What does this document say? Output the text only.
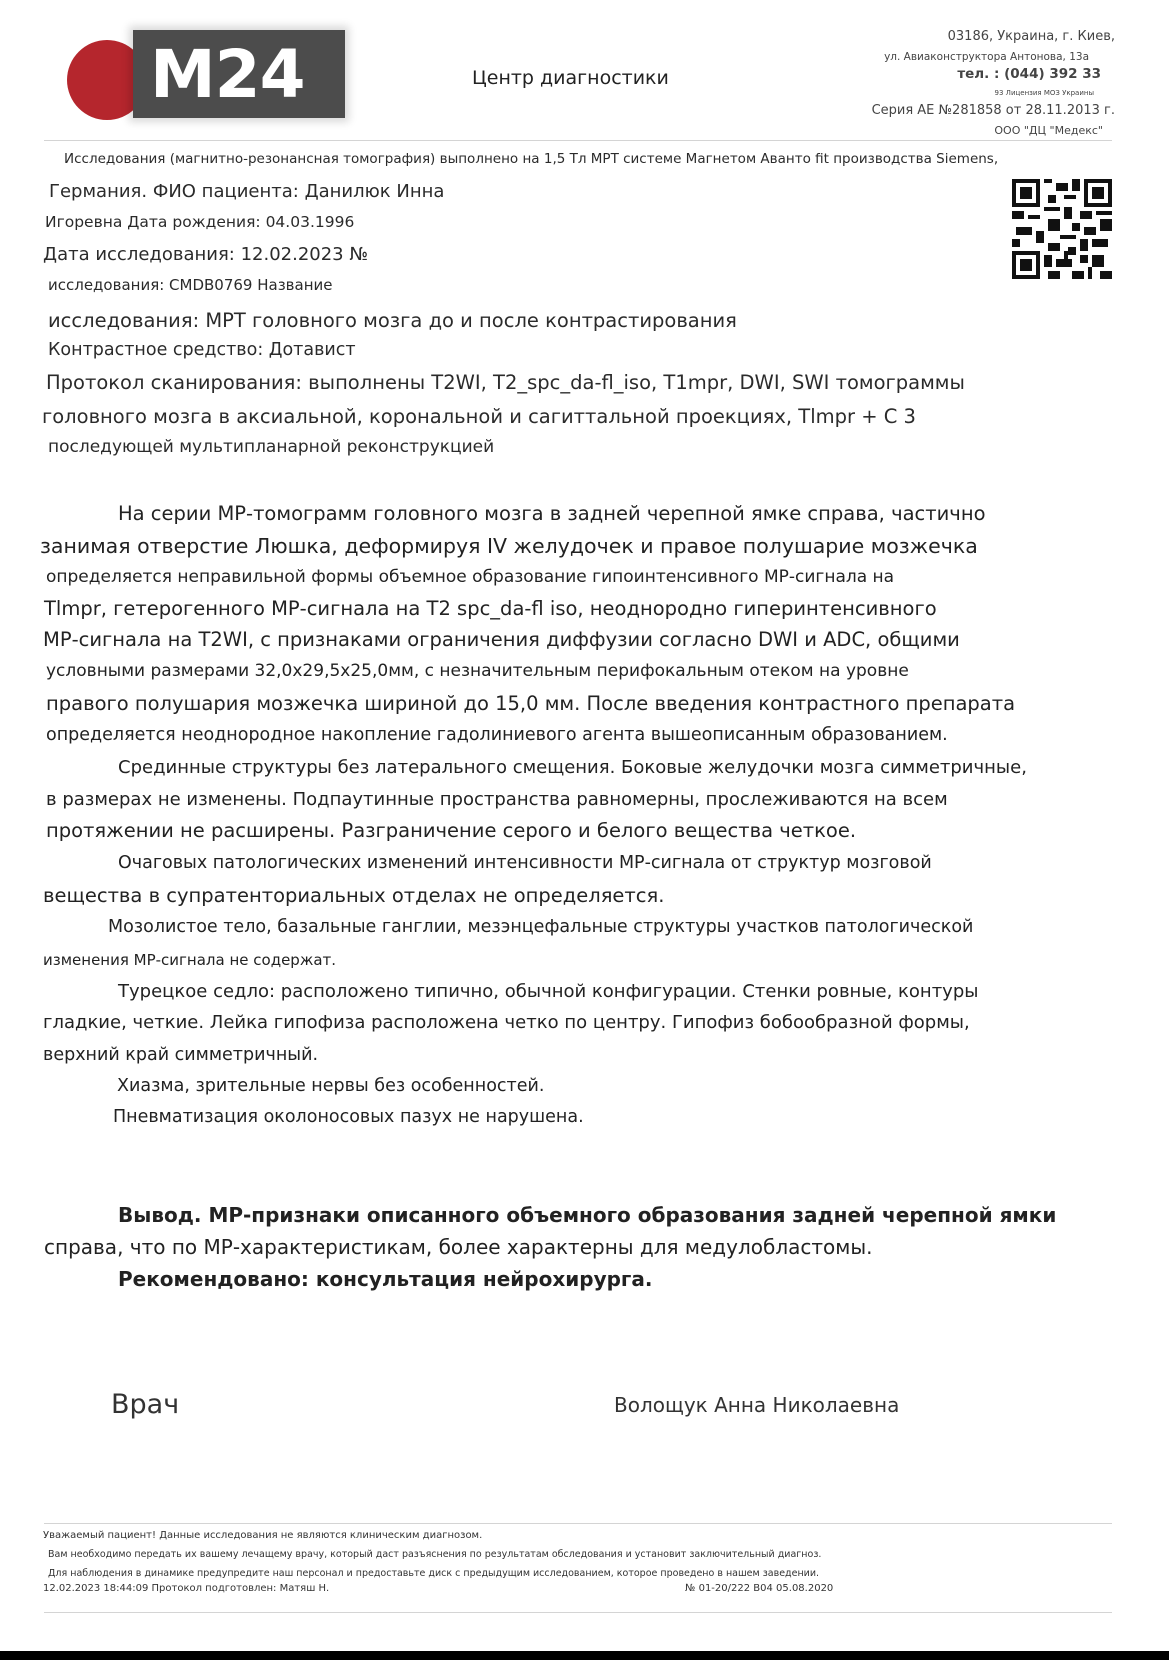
M24	Центр диагностики
03186, Украина, г. Киев,
ул. Авиаконструктора Антонова, 13а
тел. : (044) 392 33
93 Лицензия МОЗ Украины
Серия АЕ №281858 от 28.11.2013 г.
ООО "ДЦ "Медекс"
Исследования (магнитно-резонансная томография) выполнено на 1,5 Тл МРТ системе Магнетом Аванто fit производства Siemens,
Германия. ФИО пациента: Данилюк Инна
Игоревна Дата рождения: 04.03.1996
Дата исследования: 12.02.2023 №
исследования: CMDB0769 Название
исследования: МРТ головного мозга до и после контрастирования
Контрастное средство: Дотавист
Протокол сканирования: выполнены T2WI, T2_spc_da-fl_iso, T1mpr, DWI, SWI томограммы
головного мозга в аксиальной, корональной и сагиттальной проекциях, Tlmpr + С 3
последующей мультипланарной реконструкцией
На серии МР-томограмм головного мозга в задней черепной ямке справа, частично
занимая отверстие Люшка, деформируя IV желудочек и правое полушарие мозжечка
определяется неправильной формы объемное образование гипоинтенсивного МР-сигнала на
Tlmpr, гетерогенного МР-сигнала на Т2 spc_da-fl iso, неоднородно гиперинтенсивного
МР-сигнала на T2WI, с признаками ограничения диффузии согласно DWI и ADC, общими
условными размерами 32,0х29,5х25,0мм, с незначительным перифокальным отеком на уровне
правого полушария мозжечка шириной до 15,0 мм. После введения контрастного препарата
определяется неоднородное накопление гадолиниевого агента вышеописанным образованием.
Срединные структуры без латерального смещения. Боковые желудочки мозга симметричные,
в размерах не изменены. Подпаутинные пространства равномерны, прослеживаются на всем
протяжении не расширены. Разграничение серого и белого вещества четкое.
Очаговых патологических изменений интенсивности МР-сигнала от структур мозговой
вещества в супратенториальных отделах не определяется.
Мозолистое тело, базальные ганглии, мезэнцефальные структуры участков патологической
изменения МР-сигнала не содержат.
Турецкое седло: расположено типично, обычной конфигурации. Стенки ровные, контуры
гладкие, четкие. Лейка гипофиза расположена четко по центру. Гипофиз бобообразной формы,
верхний край симметричный.
Хиазма, зрительные нервы без особенностей.
Пневматизация околоносовых пазух не нарушена.
Вывод. МР-признаки описанного объемного образования задней черепной ямки
справа, что по МР-характеристикам, более характерны для медулобластомы.
Рекомендовано: консультация нейрохирурга.
Врач	Волощук Анна Николаевна
Уважаемый пациент! Данные исследования не являются клиническим диагнозом.
Вам необходимо передать их вашему лечащему врачу, который даст разъяснения по результатам обследования и установит заключительный диагноз.
Для наблюдения в динамике предупредите наш персонал и предоставьте диск с предыдущим исследованием, которое проведено в нашем заведении.
12.02.2023 18:44:09 Протокол подготовлен: Матяш Н.	№ 01-20/222 В04 05.08.2020
